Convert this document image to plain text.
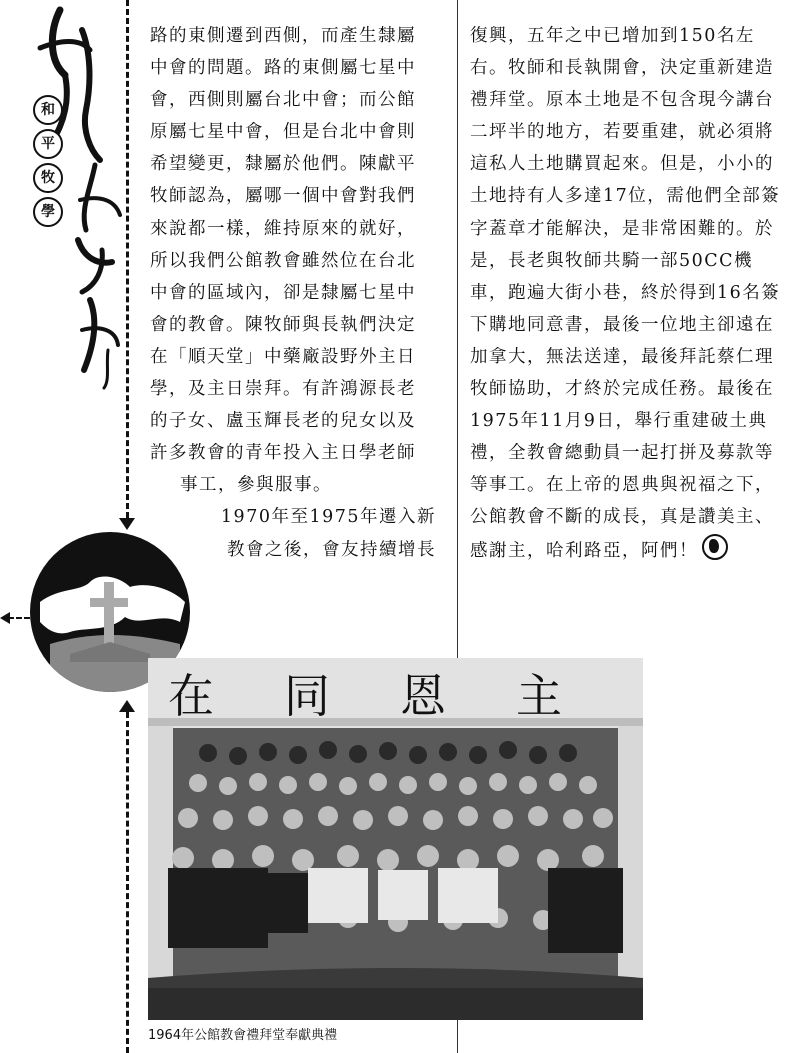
和
平
牧
學

路的東側遷到西側，而產生隸屬

中會的問題。路的東側屬七星中

會，西側則屬台北中會；而公館

原屬七星中會，但是台北中會則

希望變更，隸屬於他們。陳獻平

牧師認為，屬哪一個中會對我們

來說都一樣，維持原來的就好，

所以我們公館教會雖然位在台北

中會的區域內，卻是隸屬七星中

會的教會。陳牧師與長執們決定

在「順天堂」中藥廠設野外主日

學，及主日崇拜。有許鴻源長老

的子女、盧玉輝長老的兒女以及

許多教會的青年投入主日學老師

事工，參與服事。

1970年至1975年遷入新

教會之後，會友持續增長

復興，五年之中已增加到150名左

右。牧師和長執開會，決定重新建造

禮拜堂。原本土地是不包含現今講台

二坪半的地方，若要重建，就必須將

這私人土地購買起來。但是，小小的

土地持有人多達17位，需他們全部簽

字蓋章才能解決，是非常困難的。於

是，長老與牧師共騎一部50CC機

車，跑遍大街小巷，終於得到16名簽

下購地同意書，最後一位地主卻遠在

加拿大，無法送達，最後拜託蔡仁理

牧師協助，才終於完成任務。最後在

1975年11月9日，舉行重建破土典

禮，全教會總動員一起打拼及募款等

等事工。在上帝的恩典與祝福之下，

公館教會不斷的成長，真是讚美主、

感謝主，哈利路亞，阿們！

在同恩主
1964年公館教會禮拜堂奉獻典禮
